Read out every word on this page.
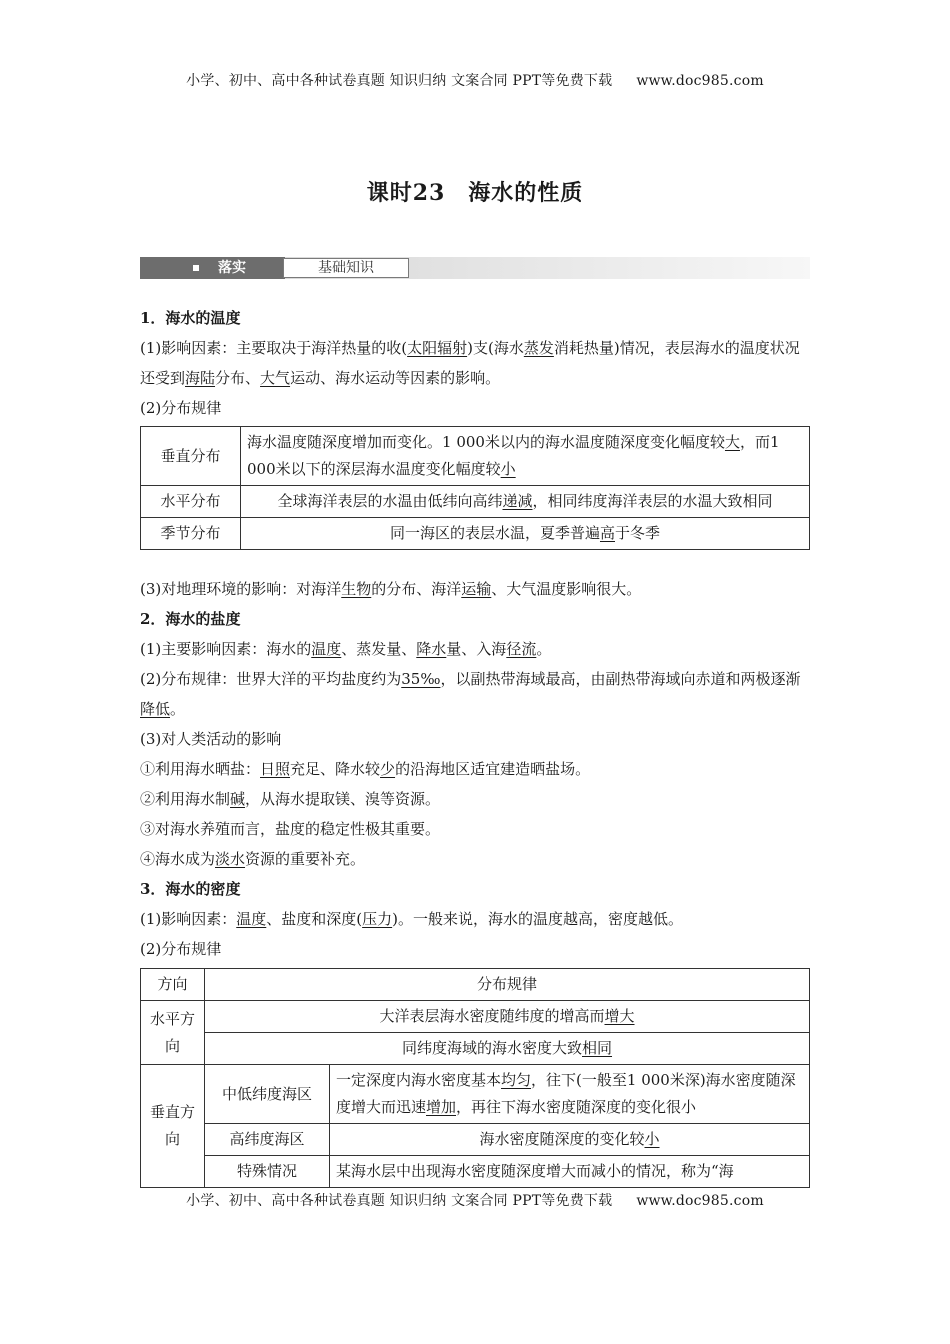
小学、初中、高中各种试卷真题 知识归纳 文案合同 PPT等免费下载 www.doc985.com
课时23　海水的性质
落实	基础知识

1．海水的温度

(1)影响因素：主要取决于海洋热量的收(太阳辐射)支(海水蒸发消耗热量)情况，表层海水的温度状况还受到海陆分布、大气运动、海水运动等因素的影响。

(2)分布规律

垂直分布	海水温度随深度增加而变化。1 000米以内的海水温度随深度变化幅度较大，而1 000米以下的深层海水温度变化幅度较小
水平分布	全球海洋表层的水温由低纬向高纬递减，相同纬度海洋表层的水温大致相同
季节分布	同一海区的表层水温，夏季普遍高于冬季

(3)对地理环境的影响：对海洋生物的分布、海洋运输、大气温度影响很大。

2．海水的盐度

(1)主要影响因素：海水的温度、蒸发量、降水量、入海径流。

(2)分布规律：世界大洋的平均盐度约为35‰，以副热带海域最高，由副热带海域向赤道和两极逐渐降低。

(3)对人类活动的影响

①利用海水晒盐：日照充足、降水较少的沿海地区适宜建造晒盐场。

②利用海水制碱，从海水提取镁、溴等资源。

③对海水养殖而言，盐度的稳定性极其重要。

④海水成为淡水资源的重要补充。

3．海水的密度

(1)影响因素：温度、盐度和深度(压力)。一般来说，海水的温度越高，密度越低。

(2)分布规律

方向	分布规律	
水平方向	大洋表层海水密度随纬度的增高而增大	
	同纬度海域的海水密度大致相同	
垂直方向	中低纬度海区	一定深度内海水密度基本均匀，往下(一般至1 000米深)海水密度随深度增大而迅速增加，再往下海水密度随深度的变化很小
	高纬度海区	海水密度随深度的变化较小
	特殊情况	某海水层中出现海水密度随深度增大而减小的情况，称为“海
小学、初中、高中各种试卷真题 知识归纳 文案合同 PPT等免费下载 www.doc985.com
